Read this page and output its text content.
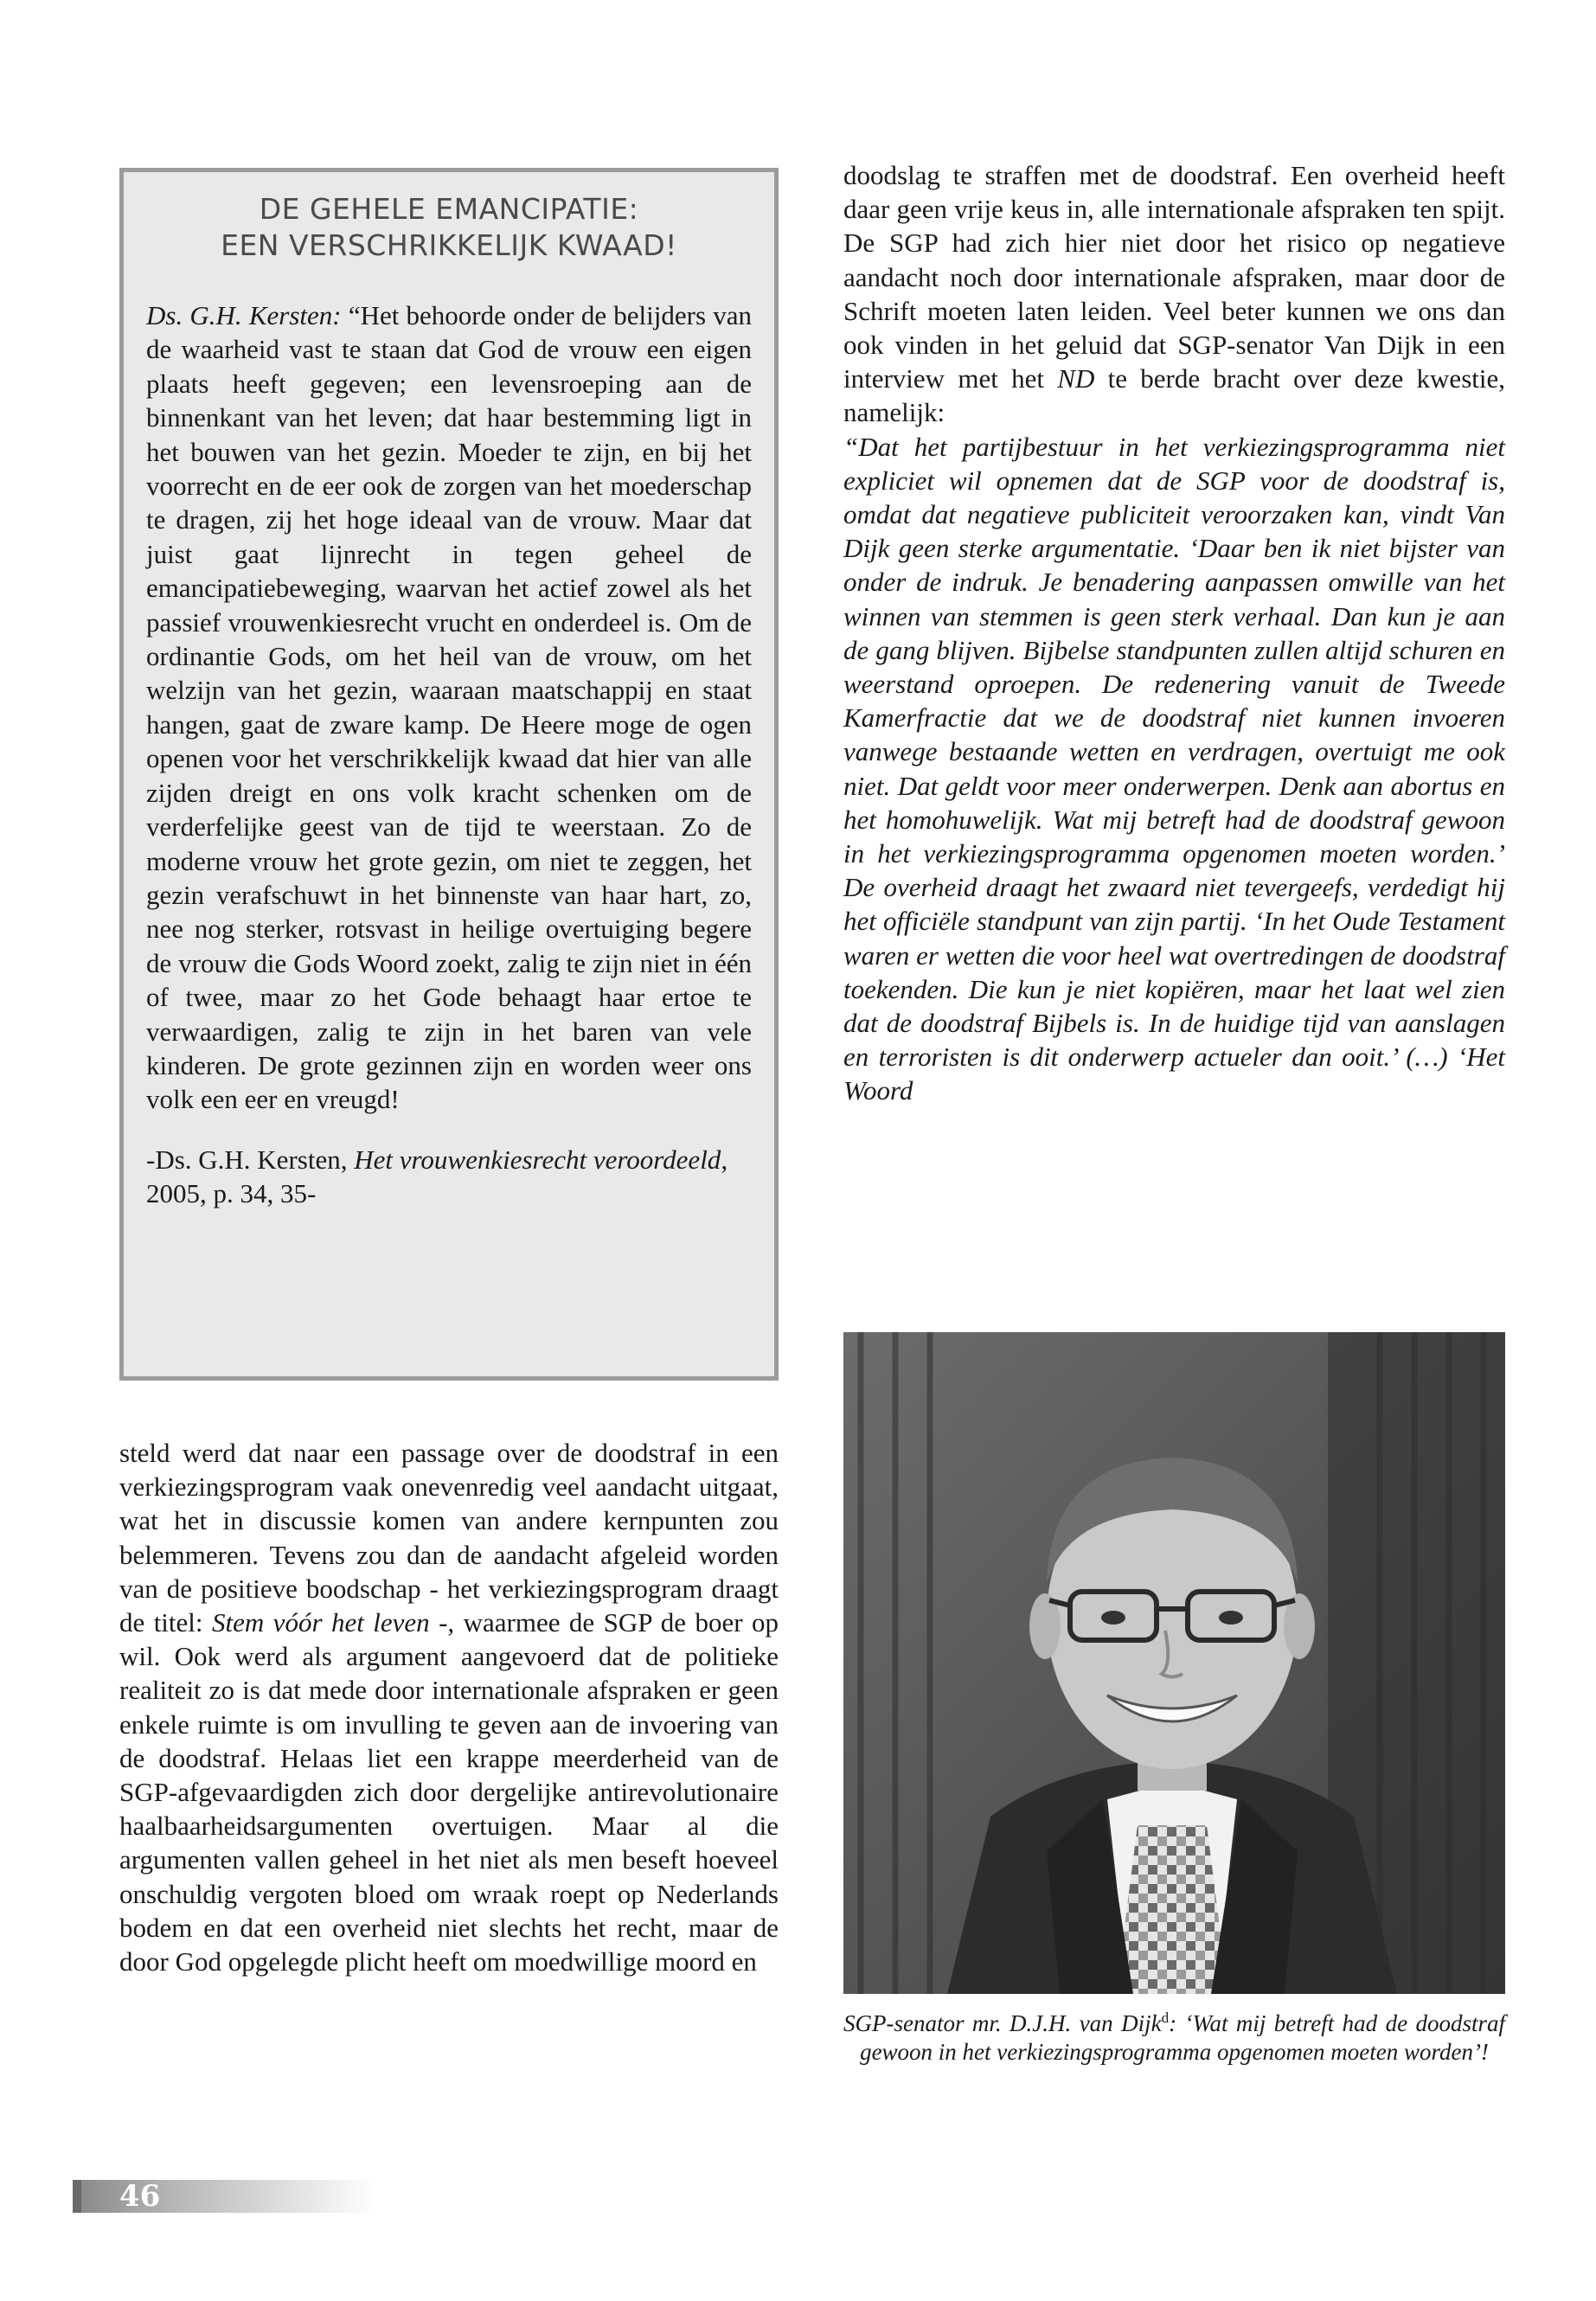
DE GEHELE EMANCIPATIE:
EEN VERSCHRIKKELIJK KWAAD!

Ds. G.H. Kersten: “Het behoorde onder de belijders van de waarheid vast te staan dat God de vrouw een eigen plaats heeft gegeven; een levensroeping aan de binnenkant van het leven; dat haar bestemming ligt in het bouwen van het gezin. Moeder te zijn, en bij het voorrecht en de eer ook de zorgen van het moederschap te dragen, zij het hoge ideaal van de vrouw. Maar dat juist gaat lijnrecht in tegen geheel de emancipatiebeweging, waarvan het actief zowel als het passief vrouwenkiesrecht vrucht en onderdeel is. Om de ordinantie Gods, om het heil van de vrouw, om het welzijn van het gezin, waaraan maatschappij en staat hangen, gaat de zware kamp. De Heere moge de ogen openen voor het verschrikkelijk kwaad dat hier van alle zijden dreigt en ons volk kracht schenken om de verderfelijke geest van de tijd te weerstaan. Zo de moderne vrouw het grote gezin, om niet te zeggen, het gezin verafschuwt in het binnenste van haar hart, zo, nee nog sterker, rotsvast in heilige overtuiging begere de vrouw die Gods Woord zoekt, zalig te zijn niet in één of twee, maar zo het Gode behaagt haar ertoe te verwaardigen, zalig te zijn in het baren van vele kinderen. De grote gezinnen zijn en worden weer ons volk een eer en vreugd!

-Ds. G.H. Kersten, Het vrouwenkiesrecht veroordeeld, 2005, p. 34, 35-

doodslag te straffen met de doodstraf. Een overheid heeft daar geen vrije keus in, alle internationale afspraken ten spijt. De SGP had zich hier niet door het risico op negatieve aandacht noch door internationale afspraken, maar door de Schrift moeten laten leiden. Veel beter kunnen we ons dan ook vinden in het geluid dat SGP-senator Van Dijk in een interview met het ND te berde bracht over deze kwestie, namelijk:

“Dat het partijbestuur in het verkiezingsprogramma niet expliciet wil opnemen dat de SGP voor de doodstraf is, omdat dat negatieve publiciteit veroorzaken kan, vindt Van Dijk geen sterke argumentatie. ‘Daar ben ik niet bijster van onder de indruk. Je benadering aanpassen omwille van het winnen van stemmen is geen sterk verhaal. Dan kun je aan de gang blijven. Bijbelse standpunten zullen altijd schuren en weerstand oproepen. De redenering vanuit de Tweede Kamerfractie dat we de doodstraf niet kunnen invoeren vanwege bestaande wetten en verdragen, overtuigt me ook niet. Dat geldt voor meer onderwerpen. Denk aan abortus en het homohuwelijk. Wat mij betreft had de doodstraf gewoon in het verkiezingsprogramma opgenomen moeten worden.’ De overheid draagt het zwaard niet tevergeefs, verdedigt hij het officiële standpunt van zijn partij. ‘In het Oude Testament waren er wetten die voor heel wat overtredingen de doodstraf toekenden. Die kun je niet kopiëren, maar het laat wel zien dat de doodstraf Bijbels is. In de huidige tijd van aanslagen en terroristen is dit onderwerp actueler dan ooit.’ (…) ‘Het Woord

SGP-senator mr. D.J.H. van Dijk$^d$: ‘Wat mij betreft had de doodstraf gewoon in het verkiezingsprogramma opgenomen moeten worden’!

steld werd dat naar een passage over de doodstraf in een verkiezingsprogram vaak onevenredig veel aandacht uitgaat, wat het in discussie komen van andere kernpunten zou belemmeren. Tevens zou dan de aandacht afgeleid worden van de positieve boodschap - het verkiezingsprogram draagt de titel: Stem vóór het leven -, waarmee de SGP de boer op wil. Ook werd als argument aangevoerd dat de politieke realiteit zo is dat mede door internationale afspraken er geen enkele ruimte is om invulling te geven aan de invoering van de doodstraf. Helaas liet een krappe meerderheid van de SGP-afgevaardigden zich door dergelijke antirevolutionaire haalbaarheidsargumenten overtuigen. Maar al die argumenten vallen geheel in het niet als men beseft hoeveel onschuldig vergoten bloed om wraak roept op Nederlands bodem en dat een overheid niet slechts het recht, maar de door God opgelegde plicht heeft om moedwillige moord en

46
